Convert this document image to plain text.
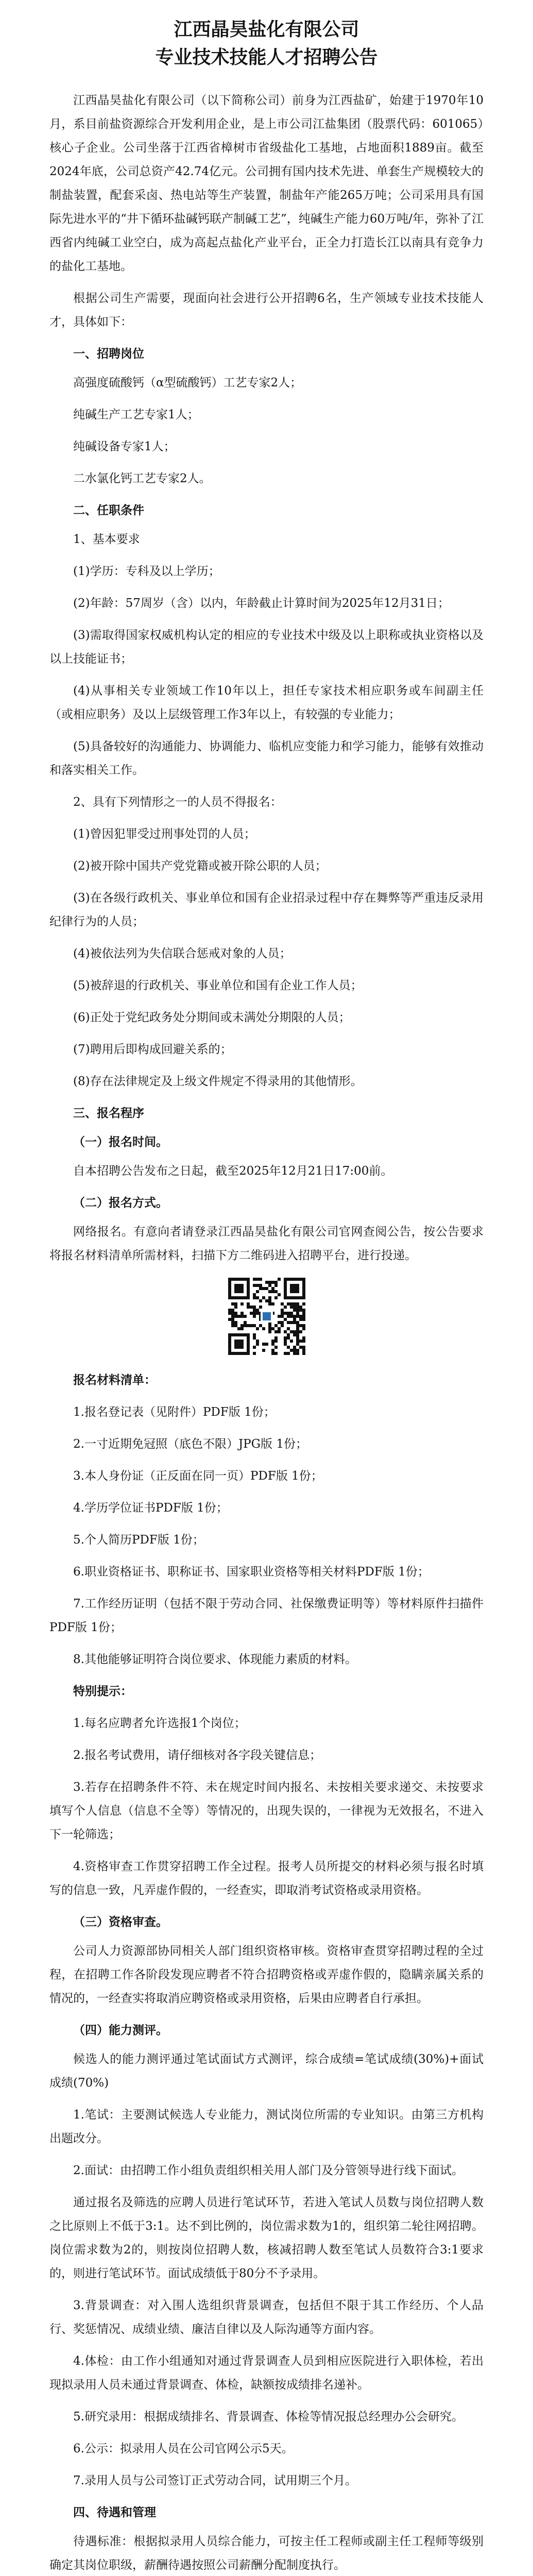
江西晶昊盐化有限公司
专业技术技能人才招聘公告

江西晶昊盐化有限公司（以下简称公司）前身为江西盐矿，始建于1970年10月，系目前盐资源综合开发利用企业，是上市公司江盐集团（股票代码：601065）核心子企业。公司坐落于江西省樟树市省级盐化工基地，占地面积1889亩。截至2024年底，公司总资产42.74亿元。公司拥有国内技术先进、单套生产规模较大的制盐装置，配套采卤、热电站等生产装置，制盐年产能265万吨；公司采用具有国际先进水平的“井下循环盐碱钙联产制碱工艺”，纯碱生产能力60万吨/年，弥补了江西省内纯碱工业空白，成为高起点盐化产业平台，正全力打造长江以南具有竞争力的盐化工基地。

根据公司生产需要，现面向社会进行公开招聘6名，生产领域专业技术技能人才，具体如下：

一、招聘岗位

高强度硫酸钙（α型硫酸钙）工艺专家2人；

纯碱生产工艺专家1人；

纯碱设备专家1人；

二水氯化钙工艺专家2人。

二、任职条件

1、基本要求

(1)学历：专科及以上学历；

(2)年龄：57周岁（含）以内，年龄截止计算时间为2025年12月31日；

(3)需取得国家权威机构认定的相应的专业技术中级及以上职称或执业资格以及以上技能证书；

(4)从事相关专业领域工作10年以上，担任专家技术相应职务或车间副主任（或相应职务）及以上层级管理工作3年以上，有较强的专业能力；

(5)具备较好的沟通能力、协调能力、临机应变能力和学习能力，能够有效推动和落实相关工作。

2、具有下列情形之一的人员不得报名：

(1)曾因犯罪受过刑事处罚的人员；

(2)被开除中国共产党党籍或被开除公职的人员；

(3)在各级行政机关、事业单位和国有企业招录过程中存在舞弊等严重违反录用纪律行为的人员；

(4)被依法列为失信联合惩戒对象的人员；

(5)被辞退的行政机关、事业单位和国有企业工作人员；

(6)正处于党纪政务处分期间或未满处分期限的人员；

(7)聘用后即构成回避关系的；

(8)存在法律规定及上级文件规定不得录用的其他情形。

三、报名程序
（一）报名时间。

自本招聘公告发布之日起，截至2025年12月21日17:00前。

（二）报名方式。

网络报名。有意向者请登录江西晶昊盐化有限公司官网查阅公告，按公告要求将报名材料清单所需材料，扫描下方二维码进入招聘平台，进行投递。

报名材料清单：

1.报名登记表（见附件）PDF版 1份；

2.一寸近期免冠照（底色不限）JPG版 1份；

3.本人身份证（正反面在同一页）PDF版 1份；

4.学历学位证书PDF版 1份；

5.个人简历PDF版 1份；

6.职业资格证书、职称证书、国家职业资格等相关材料PDF版 1份；

7.工作经历证明（包括不限于劳动合同、社保缴费证明等）等材料原件扫描件PDF版 1份；

8.其他能够证明符合岗位要求、体现能力素质的材料。

特别提示：

1.每名应聘者允许选报1个岗位；

2.报名考试费用，请仔细核对各字段关键信息；

3.若存在招聘条件不符、未在规定时间内报名、未按相关要求递交、未按要求填写个人信息（信息不全等）等情况的，出现失误的，一律视为无效报名，不进入下一轮筛选；

4.资格审查工作贯穿招聘工作全过程。报考人员所提交的材料必须与报名时填写的信息一致，凡弄虚作假的，一经查实，即取消考试资格或录用资格。

（三）资格审查。

公司人力资源部协同相关人部门组织资格审核。资格审查贯穿招聘过程的全过程，在招聘工作各阶段发现应聘者不符合招聘资格或弄虚作假的，隐瞒亲属关系的情况的，一经查实将取消应聘资格或录用资格，后果由应聘者自行承担。

（四）能力测评。

候选人的能力测评通过笔试面试方式测评，综合成绩=笔试成绩(30%)+面试成绩(70%)

1.笔试：主要测试候选人专业能力，测试岗位所需的专业知识。由第三方机构出题改分。

2.面试：由招聘工作小组负责组织相关用人部门及分管领导进行线下面试。

通过报名及筛选的应聘人员进行笔试环节，若进入笔试人员数与岗位招聘人数之比原则上不低于3:1。达不到比例的，岗位需求数为1的，组织第二轮往网招聘。岗位需求数为2的，则按岗位招聘人数，核减招聘人数至笔试人员数符合3:1要求的，则进行笔试环节。面试成绩低于80分不予录用。

3.背景调查：对入围人选组织背景调查，包括但不限于其工作经历、个人品行、奖惩情况、成绩业绩、廉洁自律以及人际沟通等方面内容。

4.体检：由工作小组通知对通过背景调查人员到相应医院进行入职体检，若出现拟录用人员未通过背景调查、体检，缺额按成绩排名递补。

5.研究录用：根据成绩排名、背景调查、体检等情况报总经理办公会研究。

6.公示：拟录用人员在公司官网公示5天。

7.录用人员与公司签订正式劳动合同，试用期三个月。

四、待遇和管理

待遇标准：根据拟录用人员综合能力，可按主任工程师或副主任工程师等级别确定其岗位职级，薪酬待遇按照公司薪酬分配制度执行。
